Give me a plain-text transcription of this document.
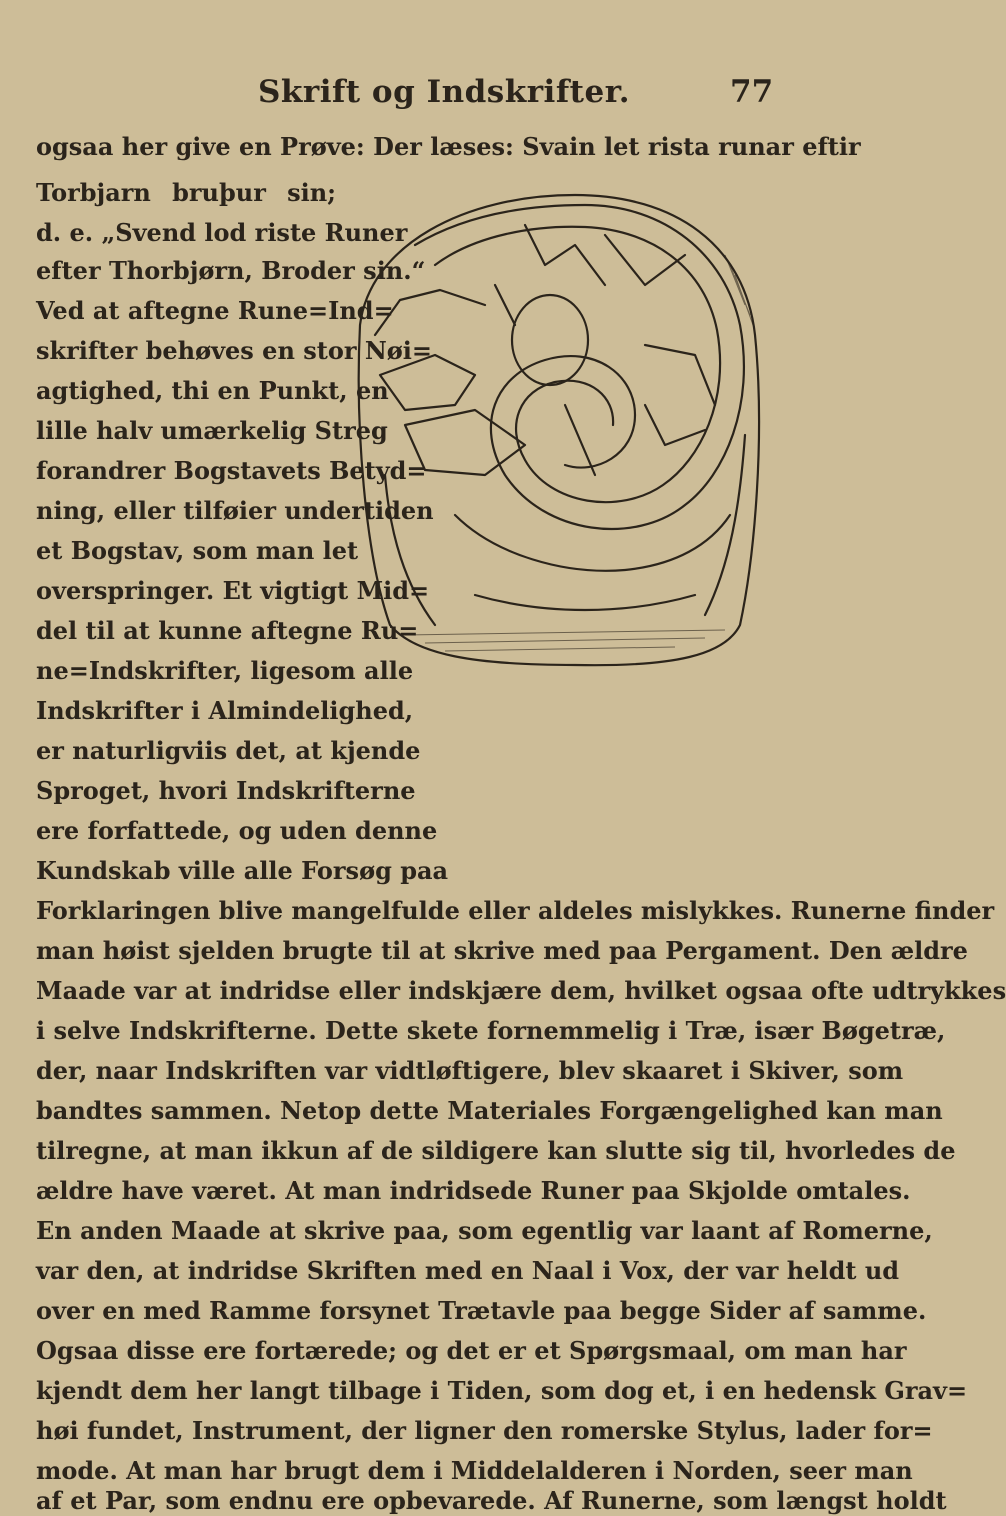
Skrift og Indskrifter.	77
ogsaa her give en Prøve: Der læses: Svain let rista runar eftir
Torbjarn bruþur sin;
d. e. „Svend lod riste Runer
efter Thorbjørn, Broder sin.“
Ved at aftegne Rune=Ind=
skrifter behøves en stor Nøi=
agtighed, thi en Punkt, en
lille halv umærkelig Streg
forandrer Bogstavets Betyd=
ning, eller tilføier undertiden
et Bogstav, som man let
overspringer. Et vigtigt Mid=
del til at kunne aftegne Ru=
ne=Indskrifter, ligesom alle
Indskrifter i Almindelighed,
er naturligviis det, at kjende
Sproget, hvori Indskrifterne
ere forfattede, og uden denne
Kundskab ville alle Forsøg paa
Forklaringen blive mangelfulde eller aldeles mislykkes. Runerne finder
man høist sjelden brugte til at skrive med paa Pergament. Den ældre
Maade var at indridse eller indskjære dem, hvilket ogsaa ofte udtrykkes
i selve Indskrifterne. Dette skete fornemmelig i Træ, især Bøgetræ,
der, naar Indskriften var vidtløftigere, blev skaaret i Skiver, som
bandtes sammen. Netop dette Materiales Forgængelighed kan man
tilregne, at man ikkun af de sildigere kan slutte sig til, hvorledes de
ældre have været. At man indridsede Runer paa Skjolde omtales.
En anden Maade at skrive paa, som egentlig var laant af Romerne,
var den, at indridse Skriften med en Naal i Vox, der var heldt ud
over en med Ramme forsynet Trætavle paa begge Sider af samme.
Ogsaa disse ere fortærede; og det er et Spørgsmaal, om man har
kjendt dem her langt tilbage i Tiden, som dog et, i en hedensk Grav=
høi fundet, Instrument, der ligner den romerske Stylus, lader for=
mode. At man har brugt dem i Middelalderen i Norden, seer man
af et Par, som endnu ere opbevarede. Af Runerne, som længst holdt
